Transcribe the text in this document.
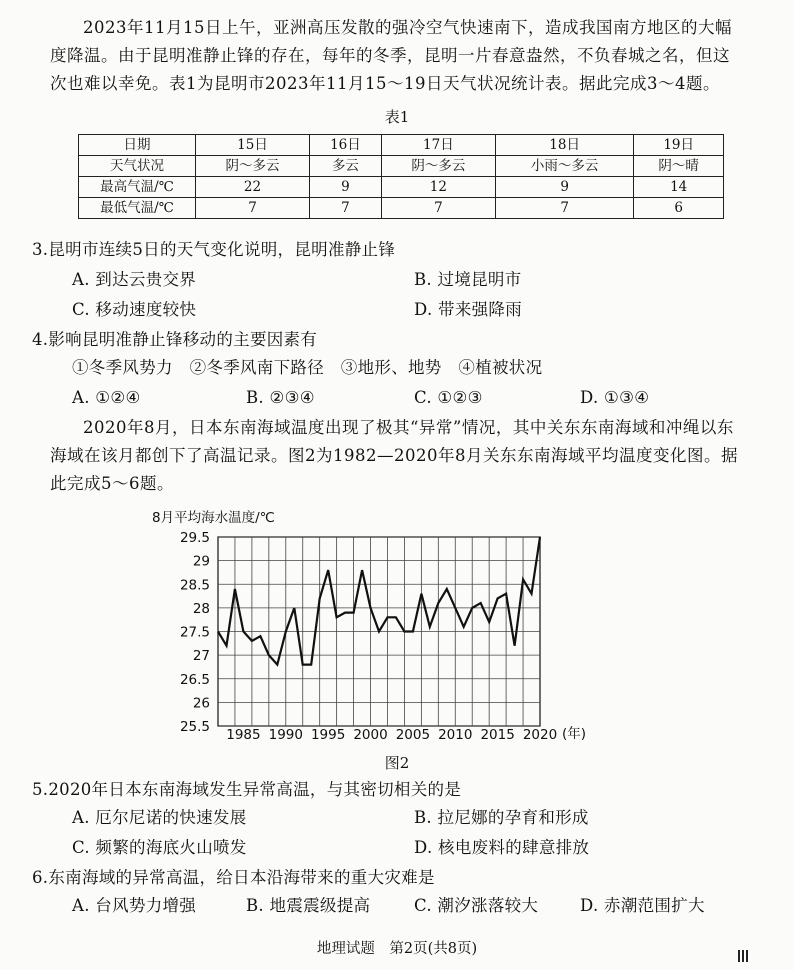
2023年11月15日上午，亚洲高压发散的强冷空气快速南下，造成我国南方地区的大幅度降温。由于昆明准静止锋的存在，每年的冬季，昆明一片春意盎然，不负春城之名，但这次也难以幸免。表1为昆明市2023年11月15～19日天气状况统计表。据此完成3～4题。

表1
日期	15日	16日	17日	18日	19日
天气状况	阴～多云	多云	阴～多云	小雨～多云	阴～晴
最高气温/℃	22	9	12	9	14
最低气温/℃	7	7	7	7	6
3.昆明市连续5日的天气变化说明，昆明准静止锋
A. 到达云贵交界	B. 过境昆明市
C. 移动速度较快	D. 带来强降雨
4.影响昆明准静止锋移动的主要因素有
①冬季风势力　②冬季风南下路径　③地形、地势　④植被状况
A. ①②④	B. ②③④	C. ①②③	D. ①③④

2020年8月，日本东南海域温度出现了极其“异常”情况，其中关东东南海域和冲绳以东海域在该月都创下了高温记录。图2为1982—2020年8月关东东南海域平均温度变化图。据此完成5～6题。

8月平均海水温度/℃
(年)
25.5
26
26.5
27
27.5
28
28.5
29
29.5
1985 1990 1995 2000 2005 2010 2015 2020
图2
5.2020年日本东南海域发生异常高温，与其密切相关的是
A. 厄尔尼诺的快速发展	B. 拉尼娜的孕育和形成
C. 频繁的海底火山喷发	D. 核电废料的肆意排放
6.东南海域的异常高温，给日本沿海带来的重大灾难是
A. 台风势力增强	B. 地震震级提高	C. 潮汐涨落较大	D. 赤潮范围扩大
地理试题　第2页(共8页)
